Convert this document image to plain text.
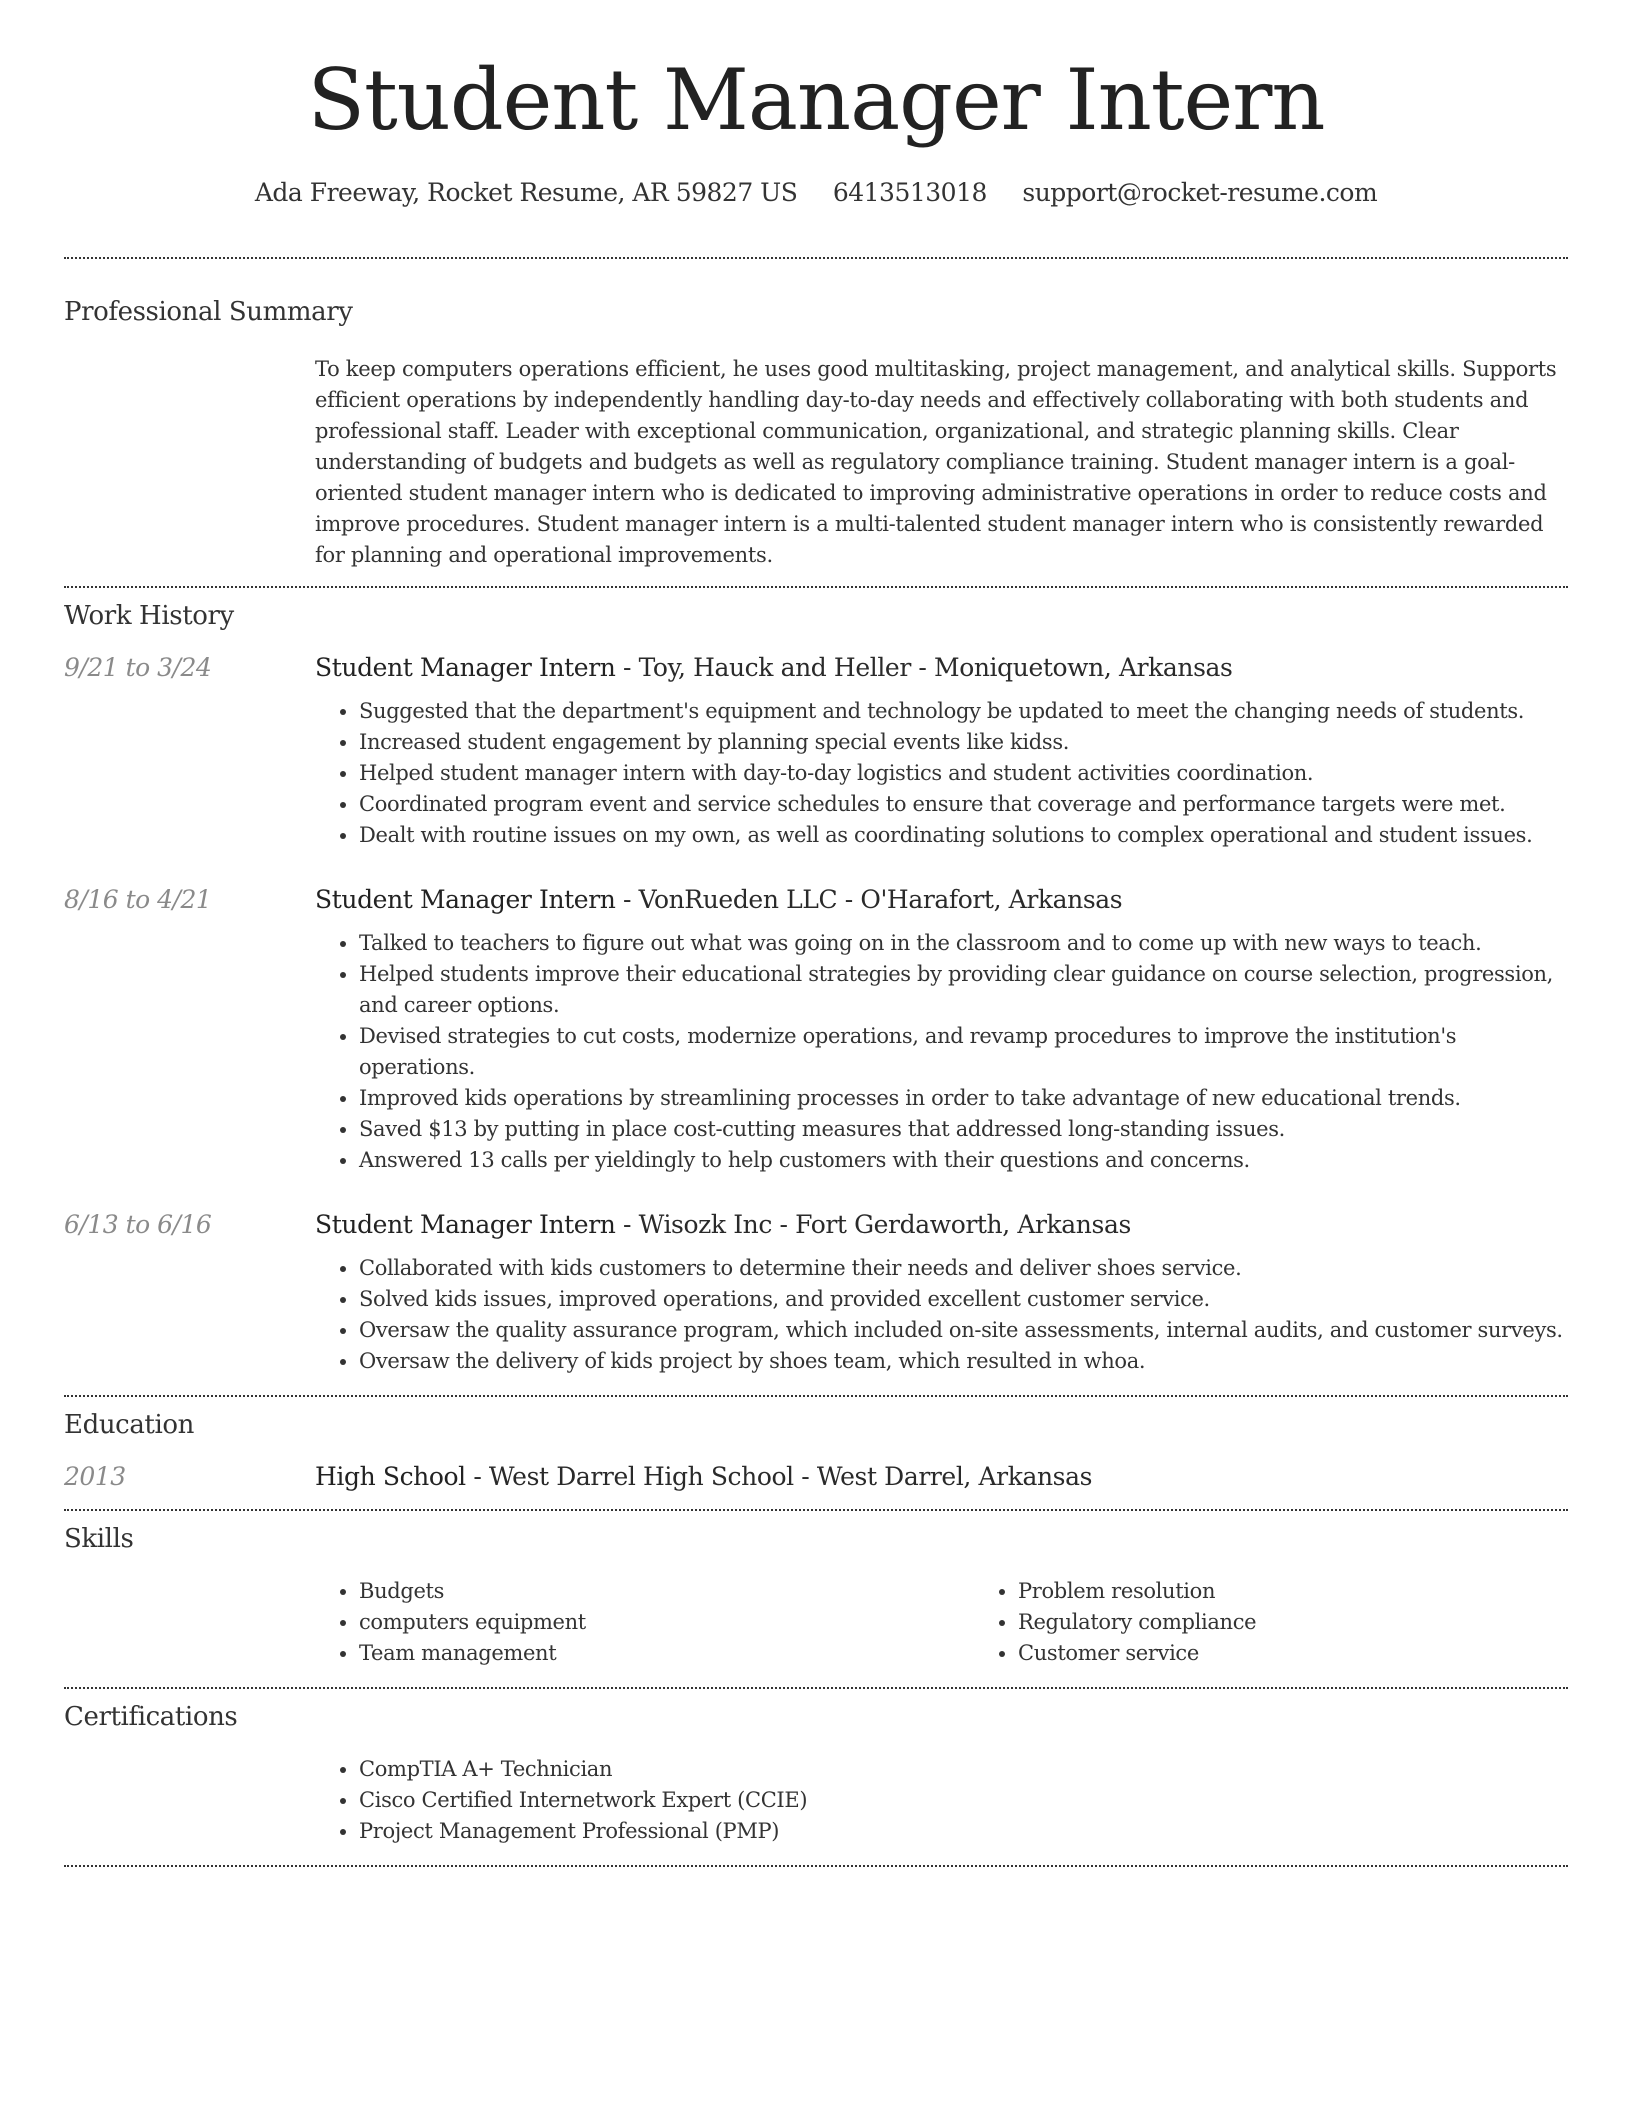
Student Manager Intern
Ada Freeway, Rocket Resume, AR 59827 US 6413513018 support@rocket-resume.com
Professional Summary

To keep computers operations efficient, he uses good multitasking, project management, and analytical skills. Supports efficient operations by independently handling day-to-day needs and effectively collaborating with both students and professional staff. Leader with exceptional communication, organizational, and strategic planning skills. Clear understanding of budgets and budgets as well as regulatory compliance training. Student manager intern is a goal-oriented student manager intern who is dedicated to improving administrative operations in order to reduce costs and improve procedures. Student manager intern is a multi-talented student manager intern who is consistently rewarded for planning and operational improvements.

Work History
9/21 to 3/24	Student Manager Intern - Toy, Hauck and Heller - Moniquetown, Arkansas
• Suggested that the department's equipment and technology be updated to meet the changing needs of students.
• Increased student engagement by planning special events like kidss.
• Helped student manager intern with day-to-day logistics and student activities coordination.
• Coordinated program event and service schedules to ensure that coverage and performance targets were met.
• Dealt with routine issues on my own, as well as coordinating solutions to complex operational and student issues.
8/16 to 4/21	Student Manager Intern - VonRueden LLC - O'Harafort, Arkansas
• Talked to teachers to figure out what was going on in the classroom and to come up with new ways to teach.
• Helped students improve their educational strategies by providing clear guidance on course selection, progression, and career options.
• Devised strategies to cut costs, modernize operations, and revamp procedures to improve the institution's operations.
• Improved kids operations by streamlining processes in order to take advantage of new educational trends.
• Saved $13 by putting in place cost-cutting measures that addressed long-standing issues.
• Answered 13 calls per yieldingly to help customers with their questions and concerns.
6/13 to 6/16	Student Manager Intern - Wisozk Inc - Fort Gerdaworth, Arkansas
• Collaborated with kids customers to determine their needs and deliver shoes service.
• Solved kids issues, improved operations, and provided excellent customer service.
• Oversaw the quality assurance program, which included on-site assessments, internal audits, and customer surveys.
• Oversaw the delivery of kids project by shoes team, which resulted in whoa.
Education
2013	High School - West Darrel High School - West Darrel, Arkansas
Skills
• Budgets
• computers equipment
• Team management
• Problem resolution
• Regulatory compliance
• Customer service
Certifications
• CompTIA A+ Technician
• Cisco Certified Internetwork Expert (CCIE)
• Project Management Professional (PMP)
